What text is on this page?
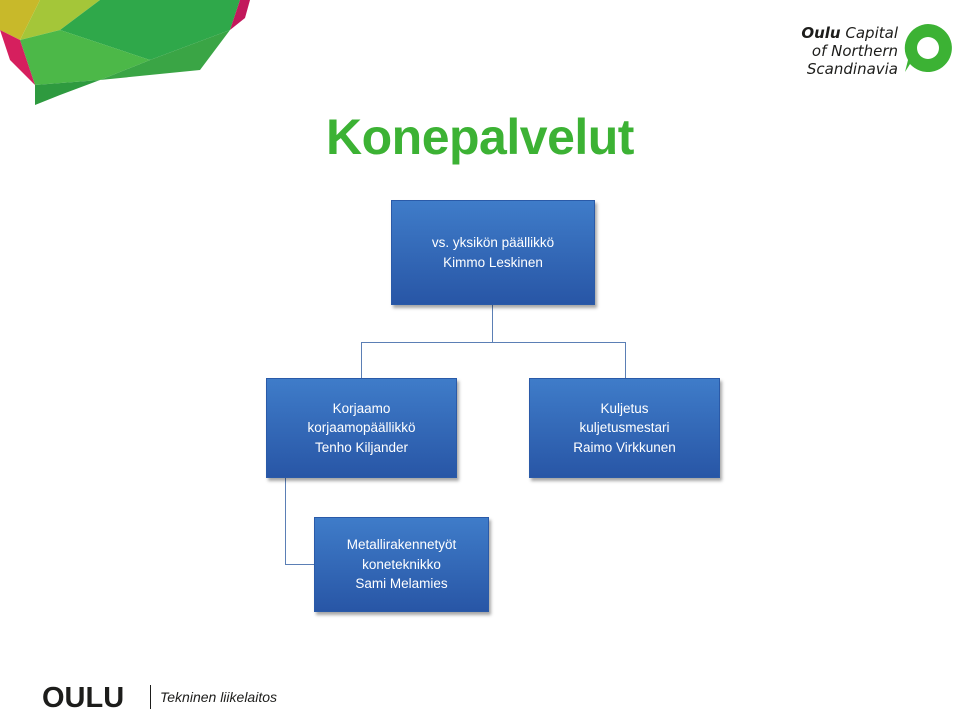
Oulu Capital
of Northern
Scandinavia
Konepalvelut
vs. yksikön päällikkö
Kimmo Leskinen
Korjaamo
korjaamopäällikkö
Tenho Kiljander
Kuljetus
kuljetusmestari
Raimo Virkkunen
Metallirakennetyöt
koneteknikko
Sami Melamies
OULU	Tekninen liikelaitos
